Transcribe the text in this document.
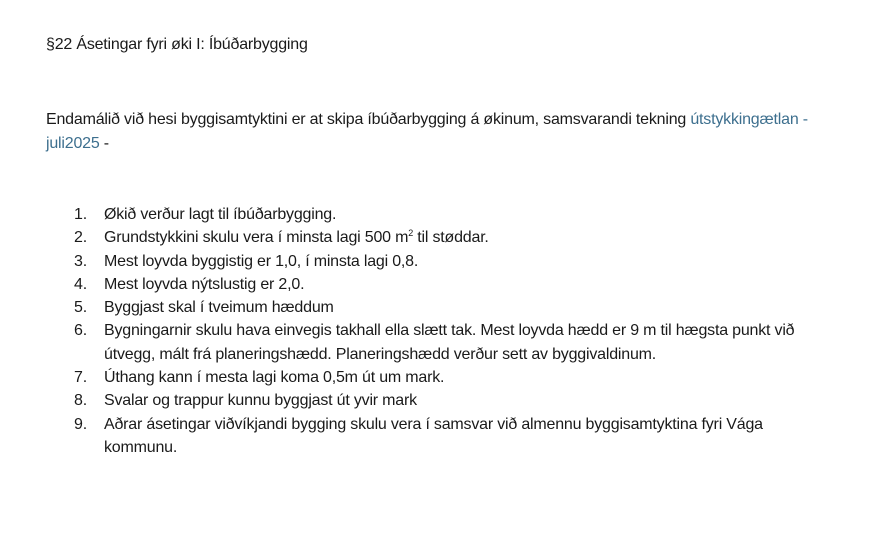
§22 Ásetingar fyri øki I: Íbúðarbygging

Endamálið við hesi byggisamtyktini er at skipa íbúðarbygging á økinum, samsvarandi tekning útstykkingætlan - juli2025 -

1. Økið verður lagt til íbúðarbygging.
2. Grundstykkini skulu vera í minsta lagi 500 $m^2$ til støddar.
3. Mest loyvda byggistig er 1,0, í minsta lagi 0,8.
4. Mest loyvda nýtslustig er 2,0.
5. Byggjast skal í tveimum hæddum
6. Bygningarnir skulu hava einvegis takhall ella slætt tak. Mest loyvda hædd er 9 m til hægsta punkt við útvegg, mált frá planeringshædd. Planeringshædd verður sett av byggivaldinum.
7. Úthang kann í mesta lagi koma 0,5m út um mark.
8. Svalar og trappur kunnu byggjast út yvir mark
9. Aðrar ásetingar viðvíkjandi bygging skulu vera í samsvar við almennu byggisamtyktina fyri Vága kommunu.
